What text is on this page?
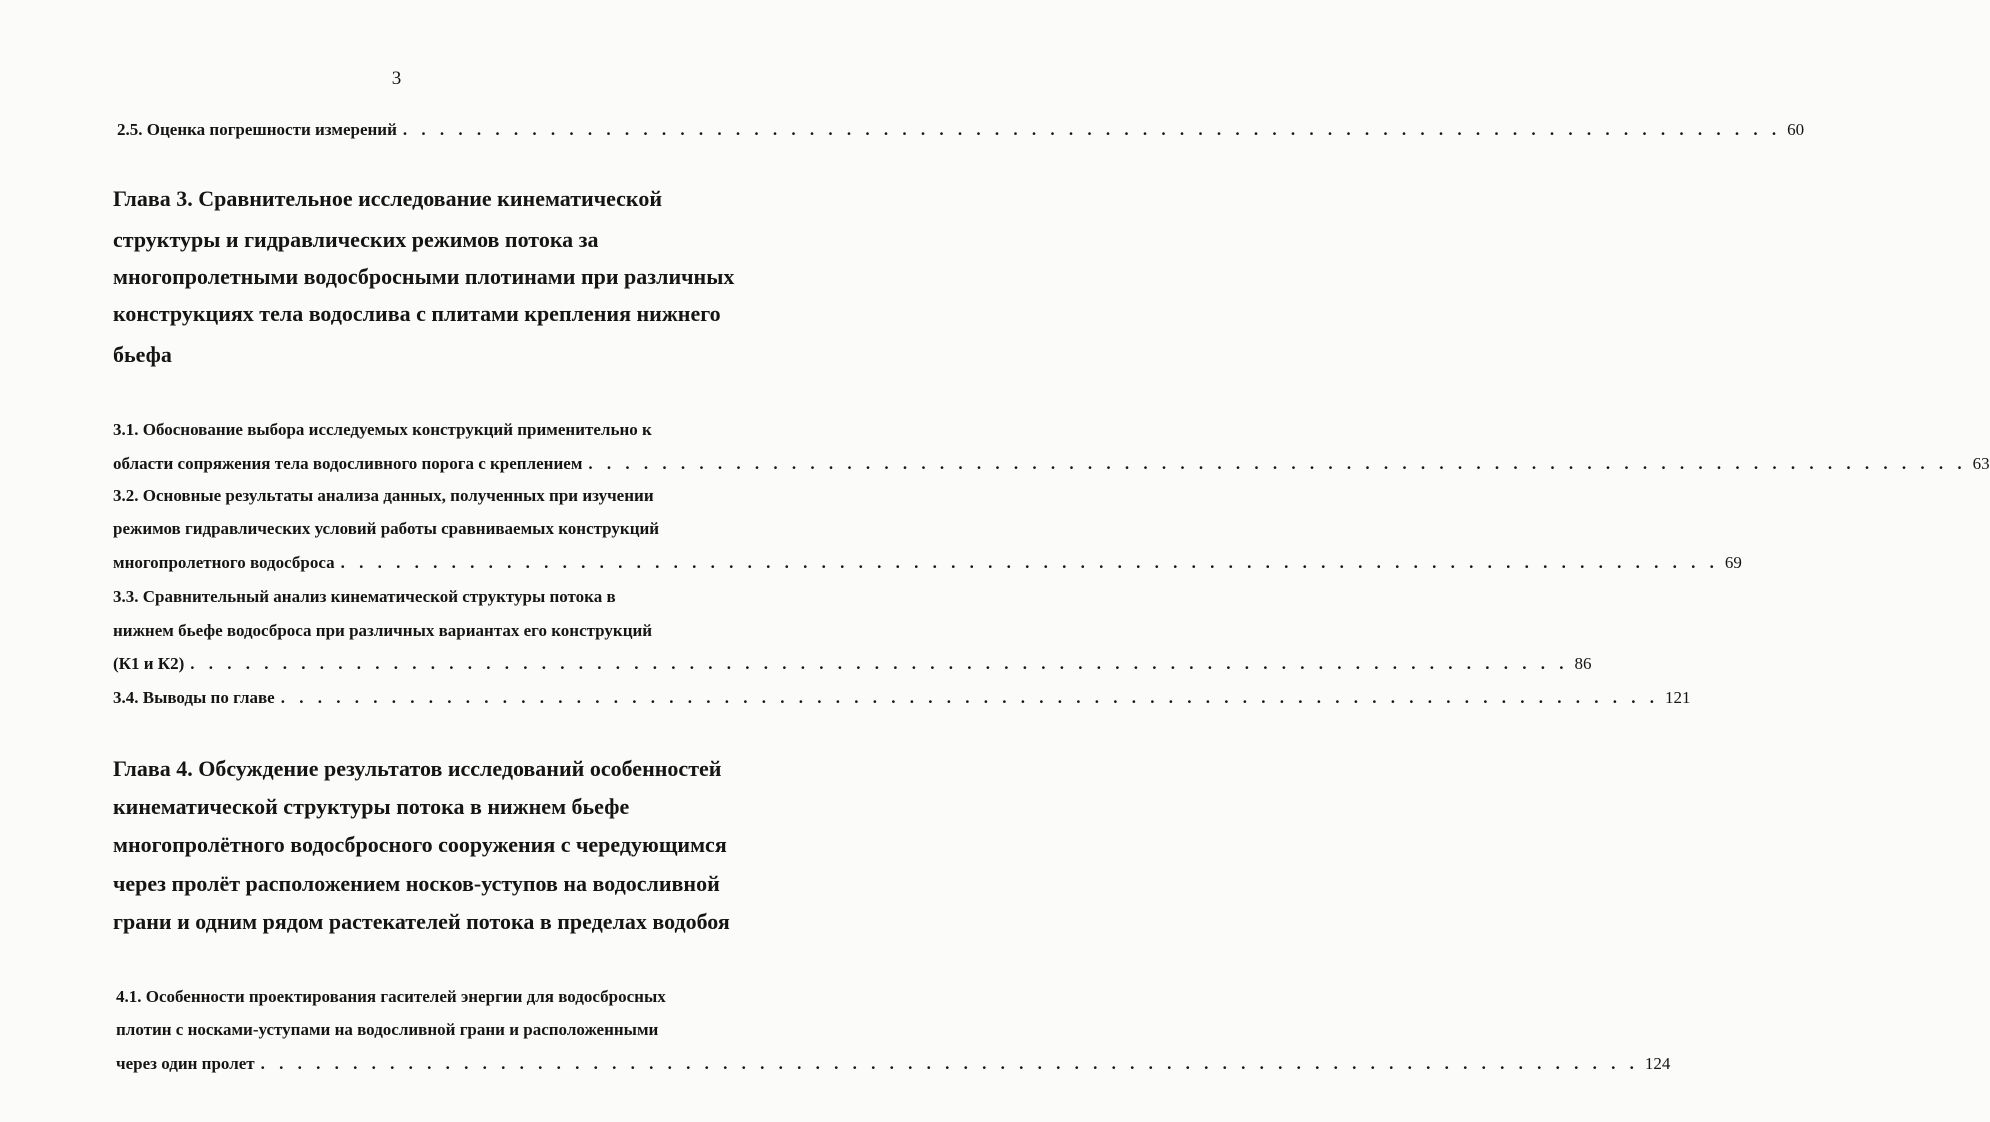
3
2.5. Оценка погрешности измерений . . . . . . . . . . . . . . . . . . . . . . . . . . . . . . . . . . . . . . . . . . . . . . . . . . . . . . . . . . . . . . . . . . . . . . . . . . . 60
Глава 3. Сравнительное исследование кинематической
структуры и гидравлических режимов потока за
многопролетными водосбросными плотинами при различных
конструкциях тела водослива с плитами крепления нижнего
бьефа
3.1. Обоснование выбора исследуемых конструкций применительно к
области сопряжения тела водосливного порога с креплением . . . . . . . . . . . . . . . . . . . . . . . . . . . . . . . . . . . . . . . . . . . . . . . . . . . . . . . . . . . . . . . . . . . . . . . . . . . 63
3.2. Основные результаты анализа данных, полученных при изучении
режимов гидравлических условий работы сравниваемых конструкций
многопролетного водосброса . . . . . . . . . . . . . . . . . . . . . . . . . . . . . . . . . . . . . . . . . . . . . . . . . . . . . . . . . . . . . . . . . . . . . . . . . . . 69
3.3. Сравнительный анализ кинематической структуры потока в
нижнем бьефе водосброса при различных вариантах его конструкций
(К1 и К2) . . . . . . . . . . . . . . . . . . . . . . . . . . . . . . . . . . . . . . . . . . . . . . . . . . . . . . . . . . . . . . . . . . . . . . . . . . . 86
3.4. Выводы по главе . . . . . . . . . . . . . . . . . . . . . . . . . . . . . . . . . . . . . . . . . . . . . . . . . . . . . . . . . . . . . . . . . . . . . . . . . . . 121
Глава 4. Обсуждение результатов исследований особенностей
кинематической структуры потока в нижнем бьефе
многопролётного водосбросного сооружения с чередующимся
через пролёт расположением носков-уступов на водосливной
грани и одним рядом растекателей потока в пределах водобоя
4.1. Особенности проектирования гасителей энергии для водосбросных
плотин с носками-уступами на водосливной грани и расположенными
через один пролет . . . . . . . . . . . . . . . . . . . . . . . . . . . . . . . . . . . . . . . . . . . . . . . . . . . . . . . . . . . . . . . . . . . . . . . . . . . 124
